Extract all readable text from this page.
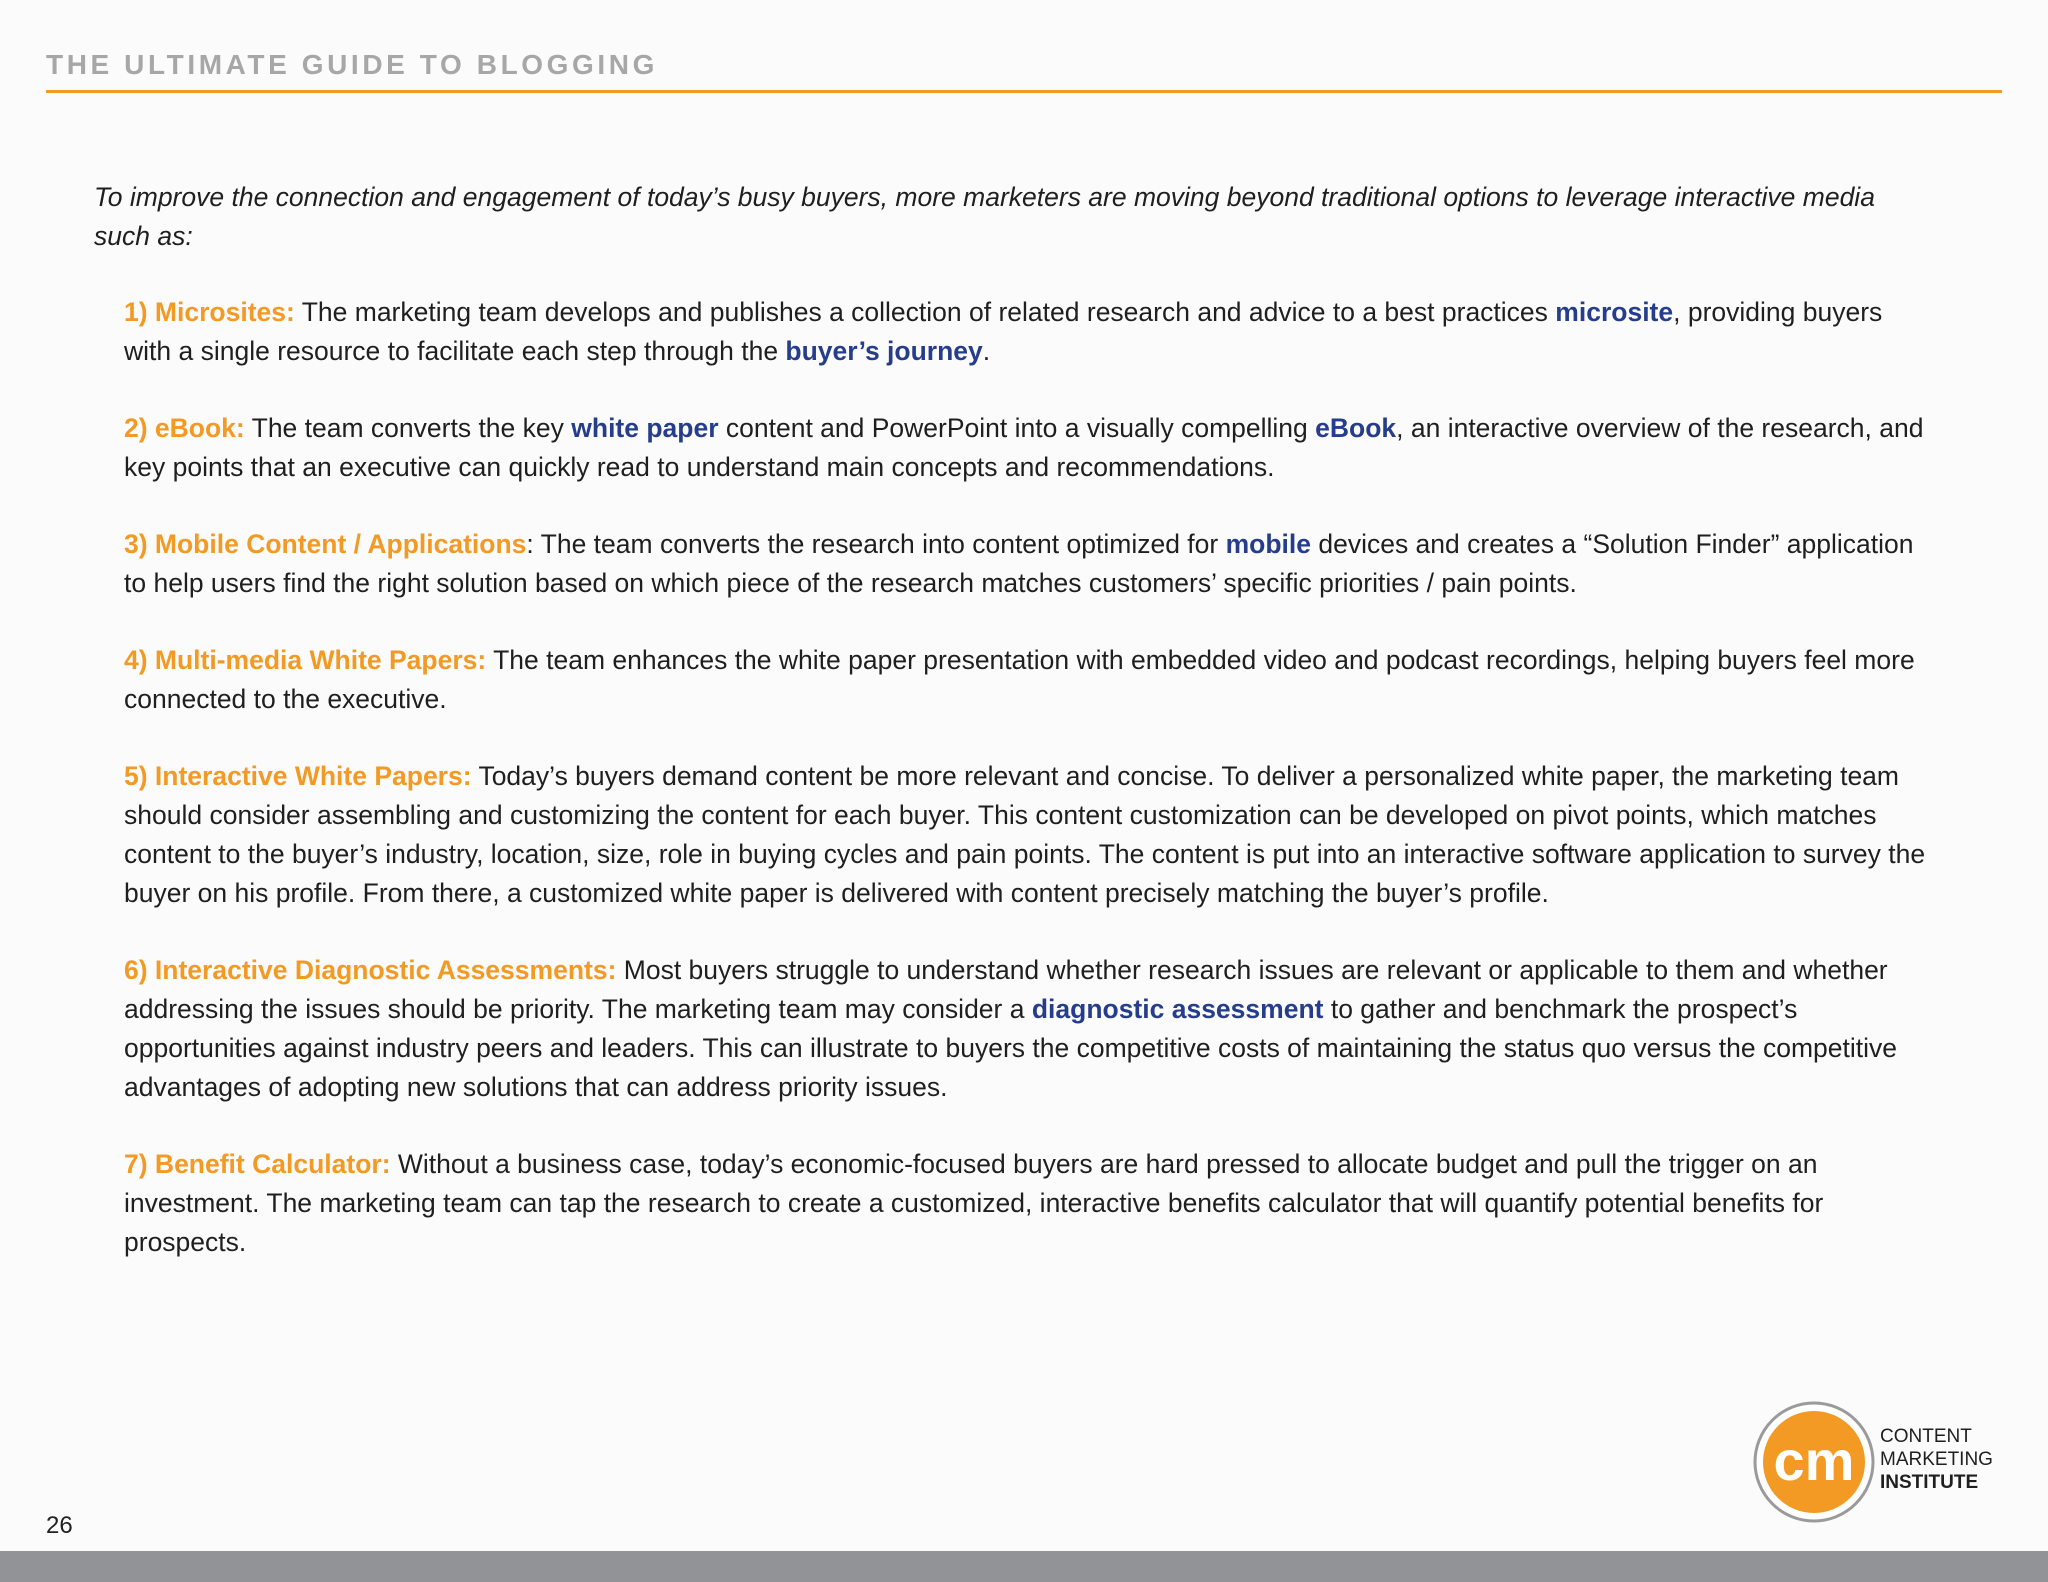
THE ULTIMATE GUIDE TO BLOGGING

To improve the connection and engagement of today’s busy buyers, more marketers are moving beyond traditional options to leverage interactive media such as:

1) Microsites: The marketing team develops and publishes a collection of related research and advice to a best practices microsite, providing buyers with a single resource to facilitate each step through the buyer’s journey.

2) eBook: The team converts the key white paper content and PowerPoint into a visually compelling eBook, an interactive overview of the research, and key points that an executive can quickly read to understand main concepts and recommendations.

3) Mobile Content / Applications: The team converts the research into content optimized for mobile devices and creates a “Solution Finder” application to help users find the right solution based on which piece of the research matches customers’ specific priorities / pain points.

4) Multi-media White Papers: The team enhances the white paper presentation with embedded video and podcast recordings, helping buyers feel more connected to the executive.

5) Interactive White Papers: Today’s buyers demand content be more relevant and concise. To deliver a personalized white paper, the marketing team should consider assembling and customizing the content for each buyer. This content customization can be developed on pivot points, which matches content to the buyer’s industry, location, size, role in buying cycles and pain points. The content is put into an interactive software application to survey the buyer on his profile. From there, a customized white paper is delivered with content precisely matching the buyer’s profile.

6) Interactive Diagnostic Assessments: Most buyers struggle to understand whether research issues are relevant or applicable to them and whether addressing the issues should be priority. The marketing team may consider a diagnostic assessment to gather and benchmark the prospect’s opportunities against industry peers and leaders. This can illustrate to buyers the competitive costs of maintaining the status quo versus the competitive advantages of adopting new solutions that can address priority issues.

7) Benefit Calculator: Without a business case, today’s economic-focused buyers are hard pressed to allocate budget and pull the trigger on an investment. The marketing team can tap the research to create a customized, interactive benefits calculator that will quantify potential benefits for prospects.

cm CONTENT
MARKETING
INSTITUTE
26
